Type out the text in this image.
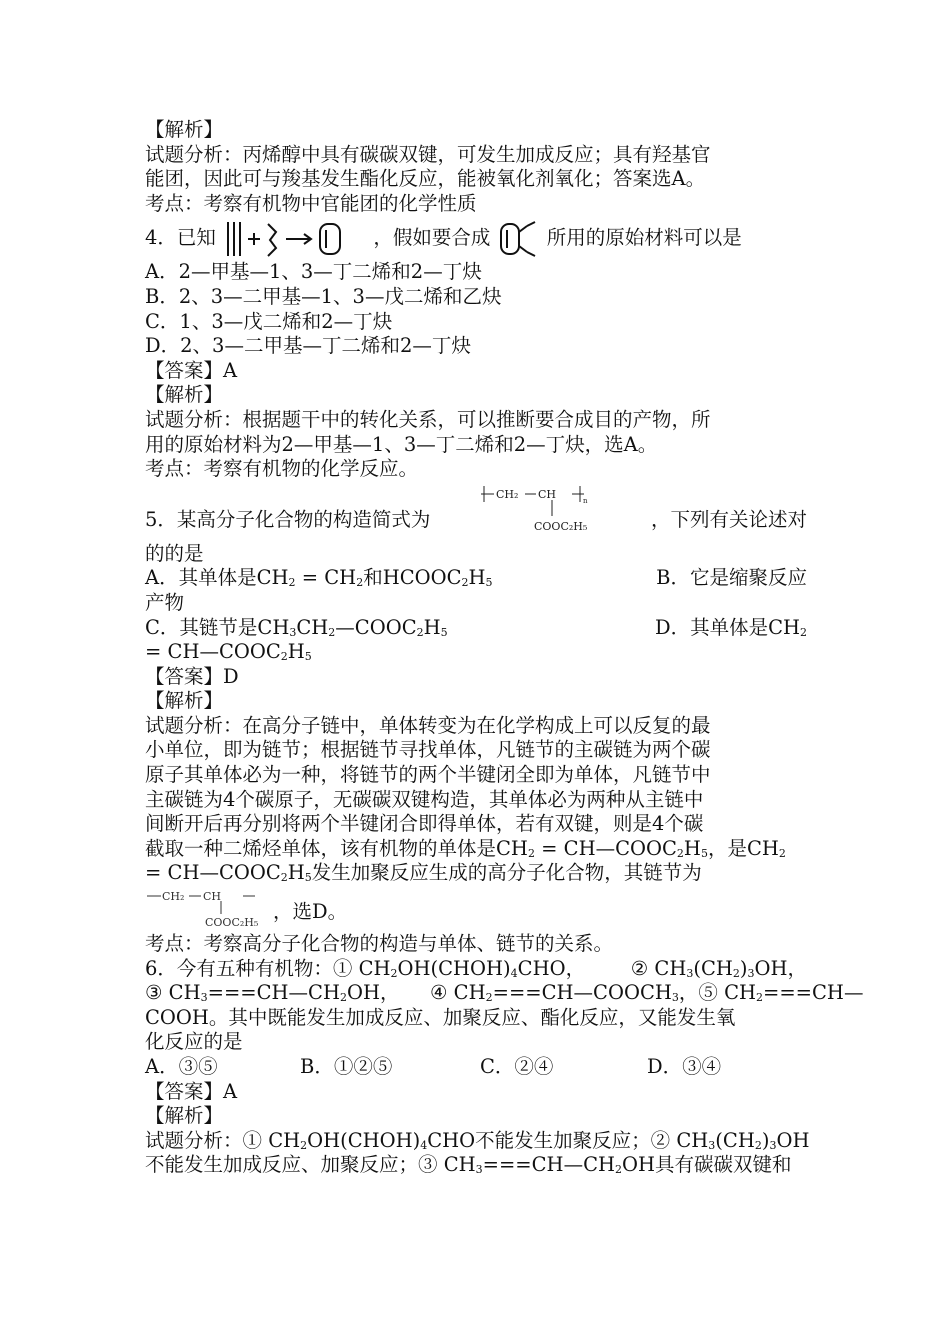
【解析】
试题分析：丙烯醇中具有碳碳双键，可发生加成反应；具有羟基官
能团，因此可与羧基发生酯化反应，能被氧化剂氧化；答案选A。
考点：考察有机物中官能团的化学性质
4．已知	，假如要合成	所用的原始材料可以是
A．2—甲基—1、3—丁二烯和2—丁炔
B．2、3—二甲基—1、3—戊二烯和乙炔
C．1、3—戊二烯和2—丁炔
D．2、3—二甲基—丁二烯和2—丁炔
【答案】A
【解析】
试题分析：根据题干中的转化关系，可以推断要合成目的产物，所
用的原始材料为2—甲基—1、3—丁二烯和2—丁炔，选A。
考点：考察有机物的化学反应。
5．某高分子化合物的构造简式为
CH₂ CH	n
COOC₂H₅	，下列有关论述对
的的是
A．其单体是$CH_2 = CH_2$和$HCOOC_2H_5$	B．它是缩聚反应
产物
C．其链节是$CH_3CH_2—COOC_2H_5$	D．其单体是$CH_2$
= $CH—COOC_2H_5$
【答案】D
【解析】
试题分析：在高分子链中，单体转变为在化学构成上可以反复的最
小单位，即为链节；根据链节寻找单体，凡链节的主碳链为两个碳
原子其单体必为一种，将链节的两个半键闭全即为单体，凡链节中
主碳链为4个碳原子，无碳碳双键构造，其单体必为两种从主链中
间断开后再分别将两个半键闭合即得单体，若有双键，则是4个碳
截取一种二烯烃单体，该有机物的单体是$CH_2$ = $CH—COOC_2H_5$，是$CH_2$
= $CH—COOC_2H_5$发生加聚反应生成的高分子化合物，其链节为
CH₂ CH
COOC₂H₅ ，选D。
考点：考察高分子化合物的构造与单体、链节的关系。
6．今有五种有机物：① $CH_2OH(CHOH)_4CHO$， ② $CH_3(CH_2)_3OH$，
③ $CH_3===CH—CH_2OH$， ④ $CH_2===CH—COOCH_3$，⑤ $CH_2===CH—$
COOH。其中既能发生加成反应、加聚反应、酯化反应，又能发生氧
化反应的是
A．③⑤	B．①②⑤	C．②④	D．③④
【答案】A
【解析】
试题分析：① $CH_2OH(CHOH)_4CHO$不能发生加聚反应；② $CH_3(CH_2)_3OH$
不能发生加成反应、加聚反应；③ $CH_3===CH—CH_2OH$具有碳碳双键和
